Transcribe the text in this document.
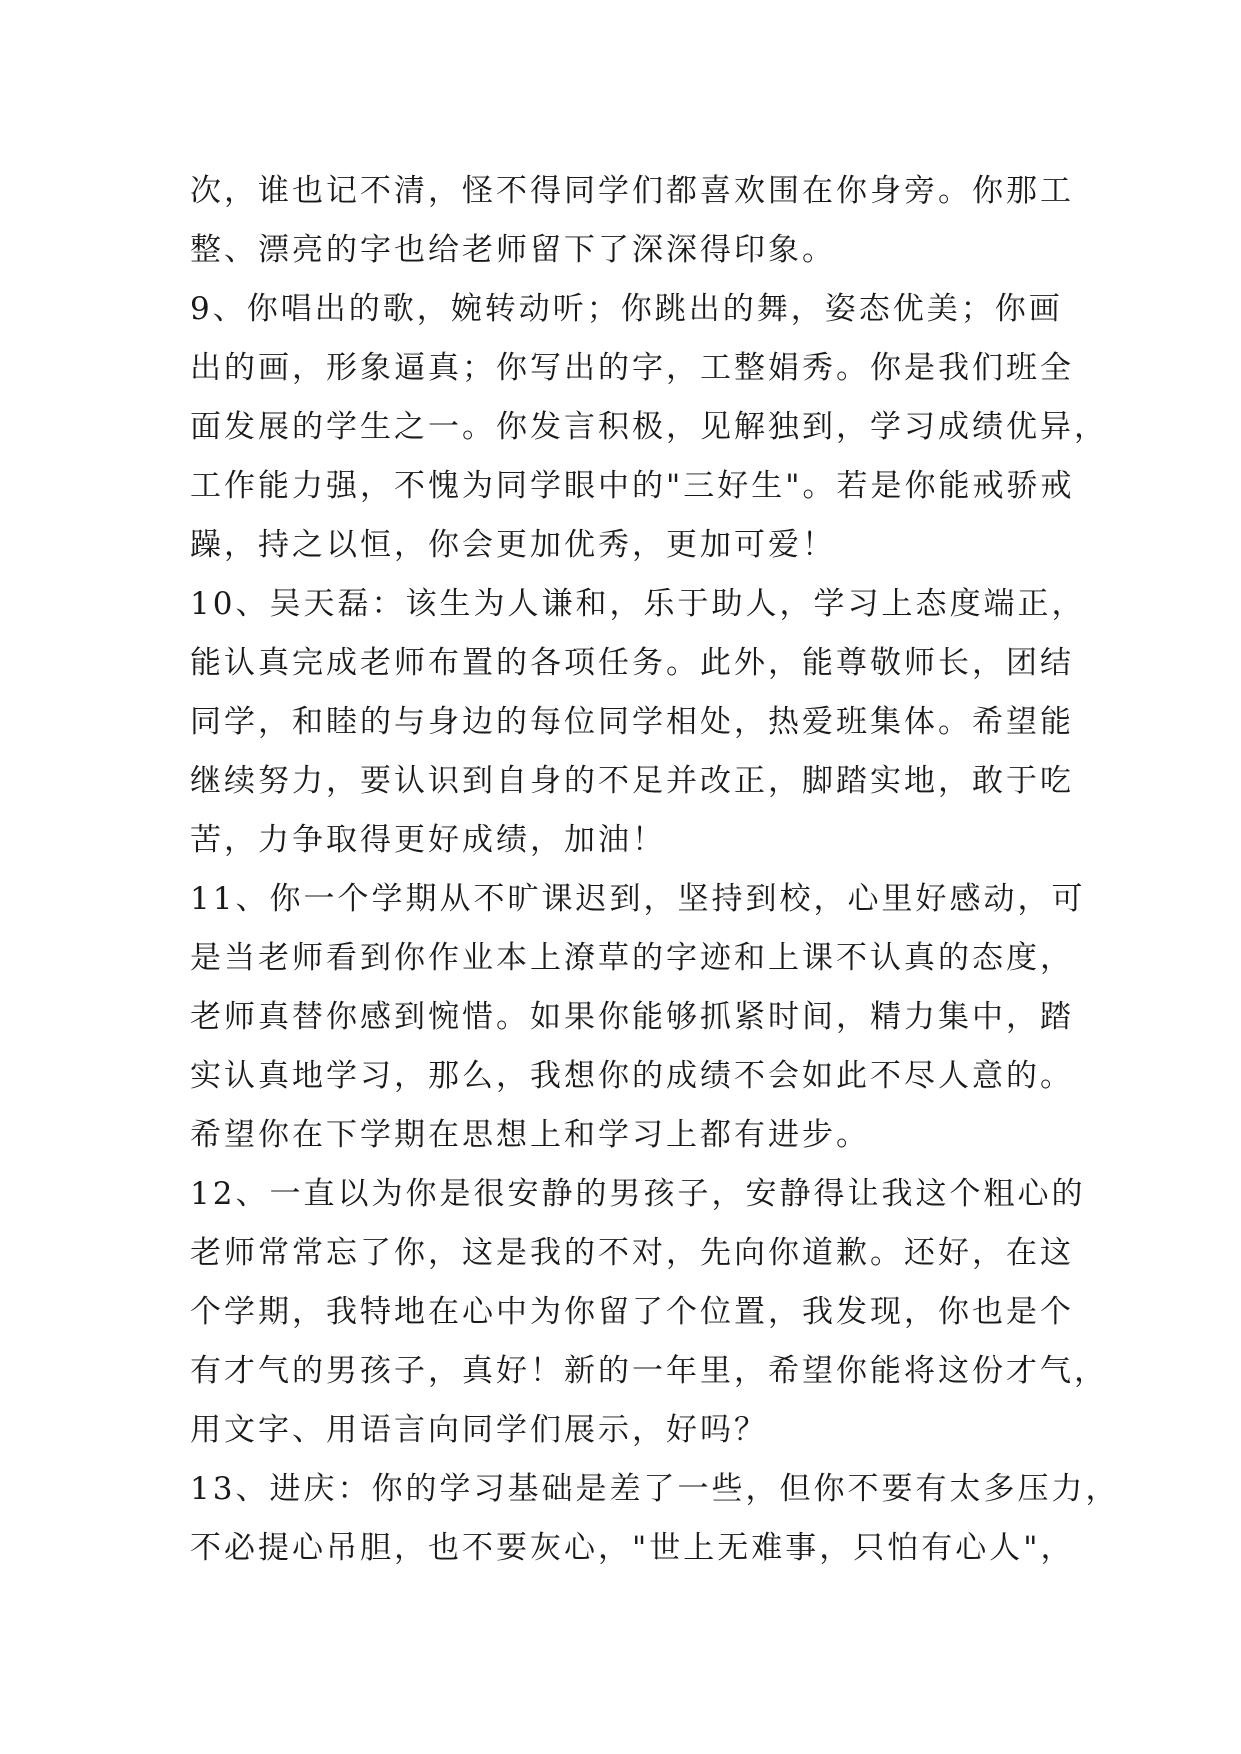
次，谁也记不清，怪不得同学们都喜欢围在你身旁。你那工
整、漂亮的字也给老师留下了深深得印象。
9、你唱出的歌，婉转动听；你跳出的舞，姿态优美；你画
出的画，形象逼真；你写出的字，工整娟秀。你是我们班全
面发展的学生之一。你发言积极，见解独到，学习成绩优异，
工作能力强，不愧为同学眼中的"三好生"。若是你能戒骄戒
躁，持之以恒，你会更加优秀，更加可爱！
10、吴天磊：该生为人谦和，乐于助人，学习上态度端正，
能认真完成老师布置的各项任务。此外，能尊敬师长，团结
同学，和睦的与身边的每位同学相处，热爱班集体。希望能
继续努力，要认识到自身的不足并改正，脚踏实地，敢于吃
苦，力争取得更好成绩，加油！
11、你一个学期从不旷课迟到，坚持到校，心里好感动，可
是当老师看到你作业本上潦草的字迹和上课不认真的态度，
老师真替你感到惋惜。如果你能够抓紧时间，精力集中，踏
实认真地学习，那么，我想你的成绩不会如此不尽人意的。
希望你在下学期在思想上和学习上都有进步。
12、一直以为你是很安静的男孩子，安静得让我这个粗心的
老师常常忘了你，这是我的不对，先向你道歉。还好，在这
个学期，我特地在心中为你留了个位置，我发现，你也是个
有才气的男孩子，真好！新的一年里，希望你能将这份才气，
用文字、用语言向同学们展示，好吗？
13、进庆：你的学习基础是差了一些，但你不要有太多压力，
不必提心吊胆，也不要灰心，"世上无难事，只怕有心人"，
